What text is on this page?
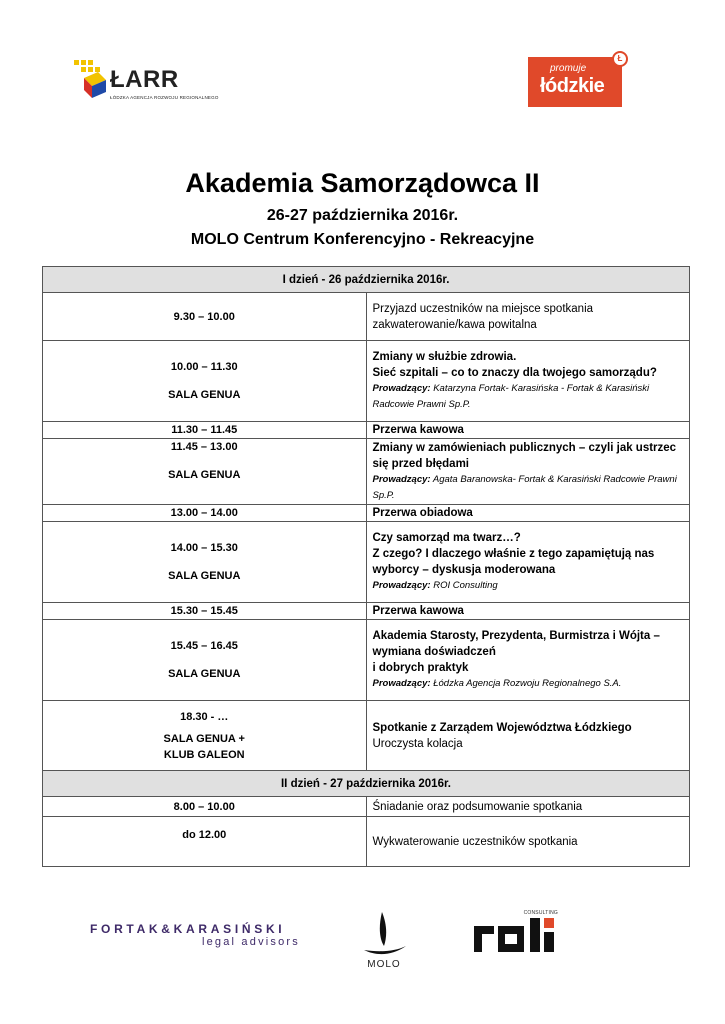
ŁARR
ŁÓDZKA AGENCJA ROZWOJU REGIONALNEGO
promuje
łódzkie
Ł
Akademia Samorządowca II
26-27 października 2016r.
MOLO Centrum Konferencyjno - Rekreacyjne
I dzień - 26 października 2016r.	
9.30 – 10.00	Przyjazd uczestników na miejsce spotkania
zakwaterowanie/kawa powitalna

10.00 – 11.30
SALA GENUA	Zmiany w służbie zdrowia.
Sieć szpitali – co to znaczy dla twojego samorządu?
Prowadzący: Katarzyna Fortak- Karasińska - Fortak & Karasiński Radcowie Prawni Sp.P.

11.30 – 11.45	Przerwa kawowa

11.45 – 13.00
SALA GENUA	Zmiany w zamówieniach publicznych – czyli jak ustrzec się przed błędami
Prowadzący: Agata Baranowska- Fortak & Karasiński Radcowie Prawni Sp.P.

13.00 – 14.00	Przerwa obiadowa

14.00 – 15.30
SALA GENUA	Czy samorząd ma twarz…?
Z czego? I dlaczego właśnie z tego zapamiętują nas wyborcy – dyskusja moderowana
Prowadzący: ROI Consulting

15.30 – 15.45	Przerwa kawowa

15.45 – 16.45
SALA GENUA	Akademia Starosty, Prezydenta, Burmistrza i Wójta – wymiana doświadczeń
i dobrych praktyk
Prowadzący: Łódzka Agencja Rozwoju Regionalnego S.A.

18.30 - …
SALA GENUA +
KLUB GALEON	Spotkanie z Zarządem Województwa Łódzkiego
Uroczysta kolacja

II dzień - 27 października 2016r.	
8.00 – 10.00	Śniadanie oraz podsumowanie spotkania
do 12.00	Wykwaterowanie uczestników spotkania
FORTAK&KARASIŃSKI
legal advisors
MOLO
CONSULTING
